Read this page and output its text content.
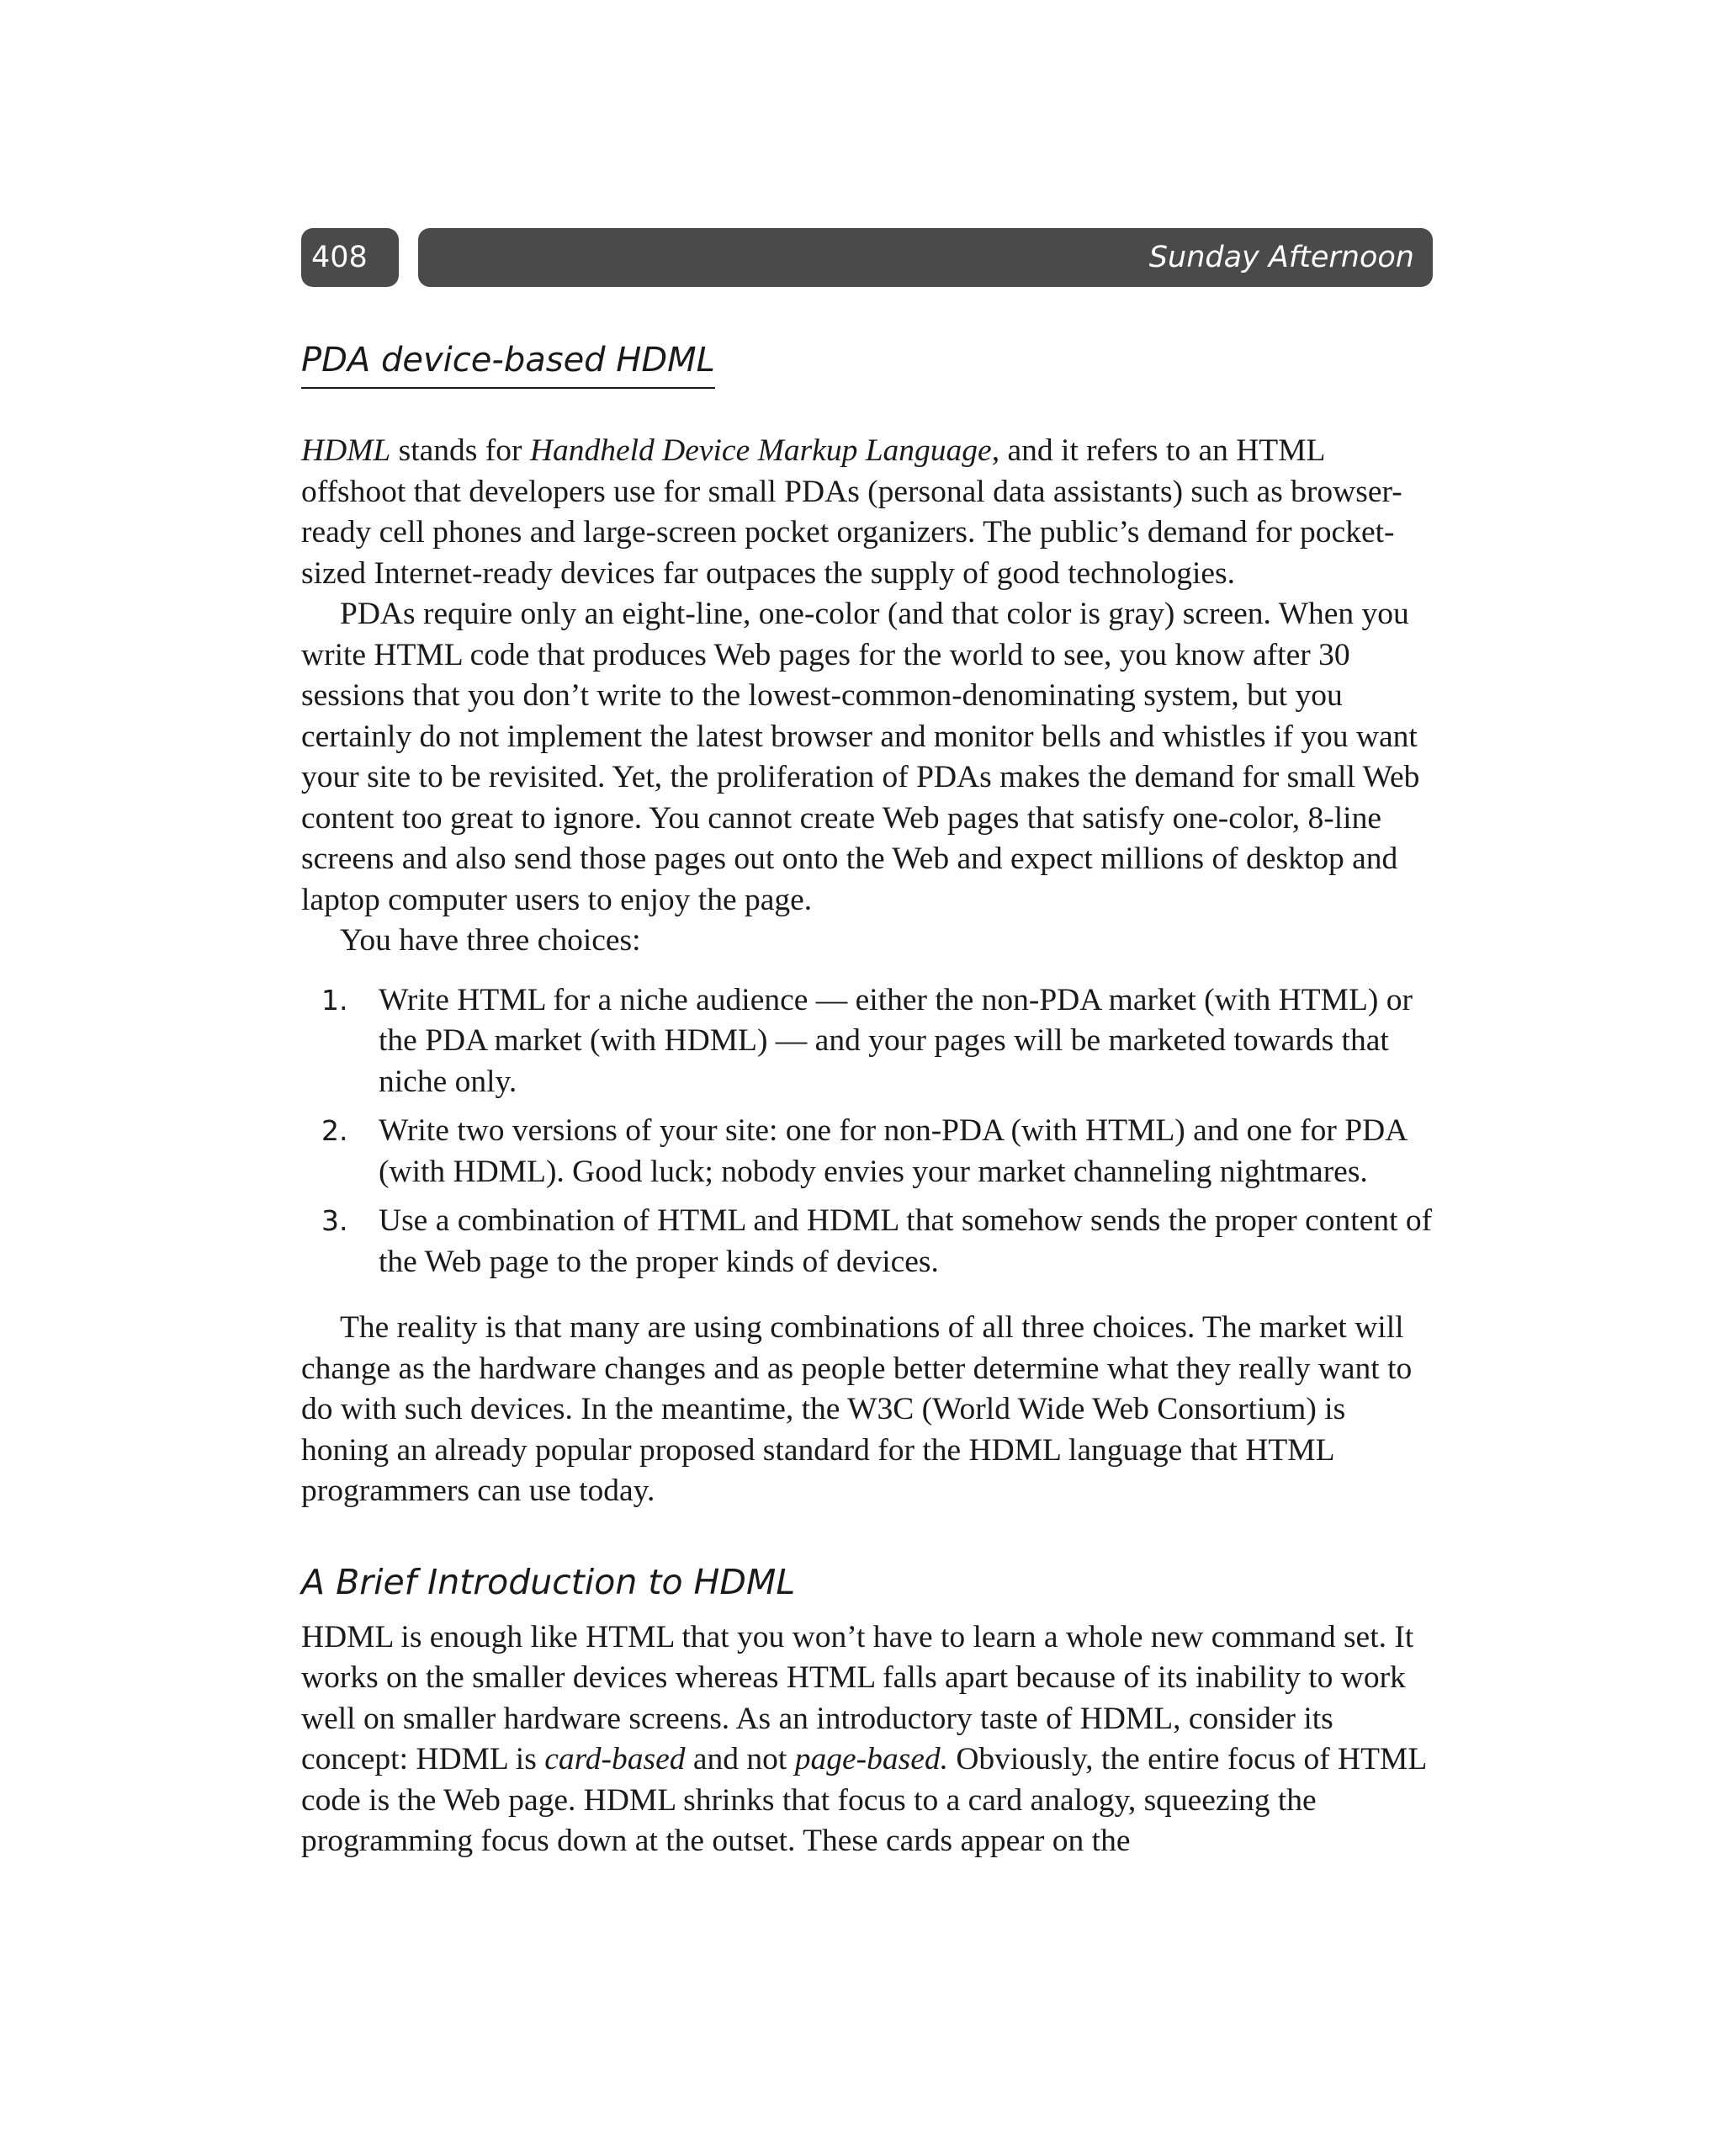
408	Sunday Afternoon
PDA device-based HDML

HDML stands for Handheld Device Markup Language, and it refers to an HTML offshoot that developers use for small PDAs (personal data assistants) such as browser-ready cell phones and large-screen pocket organizers. The public’s demand for pocket-sized Internet-ready devices far outpaces the supply of good technologies.

PDAs require only an eight-line, one-color (and that color is gray) screen. When you write HTML code that produces Web pages for the world to see, you know after 30 sessions that you don’t write to the lowest-common-denominating system, but you certainly do not implement the latest browser and monitor bells and whistles if you want your site to be revisited. Yet, the proliferation of PDAs makes the demand for small Web content too great to ignore. You cannot create Web pages that satisfy one-color, 8-line screens and also send those pages out onto the Web and expect millions of desktop and laptop computer users to enjoy the page.

You have three choices:

1. Write HTML for a niche audience — either the non-PDA market (with HTML) or the PDA market (with HDML) — and your pages will be marketed towards that niche only.
2. Write two versions of your site: one for non-PDA (with HTML) and one for PDA (with HDML). Good luck; nobody envies your market channeling nightmares.
3. Use a combination of HTML and HDML that somehow sends the proper content of the Web page to the proper kinds of devices.

The reality is that many are using combinations of all three choices. The market will change as the hardware changes and as people better determine what they really want to do with such devices. In the meantime, the W3C (World Wide Web Consortium) is honing an already popular proposed standard for the HDML language that HTML programmers can use today.

A Brief Introduction to HDML

HDML is enough like HTML that you won’t have to learn a whole new command set. It works on the smaller devices whereas HTML falls apart because of its inability to work well on smaller hardware screens. As an introductory taste of HDML, consider its concept: HDML is card-based and not page-based. Obviously, the entire focus of HTML code is the Web page. HDML shrinks that focus to a card analogy, squeezing the programming focus down at the outset. These cards appear on the
